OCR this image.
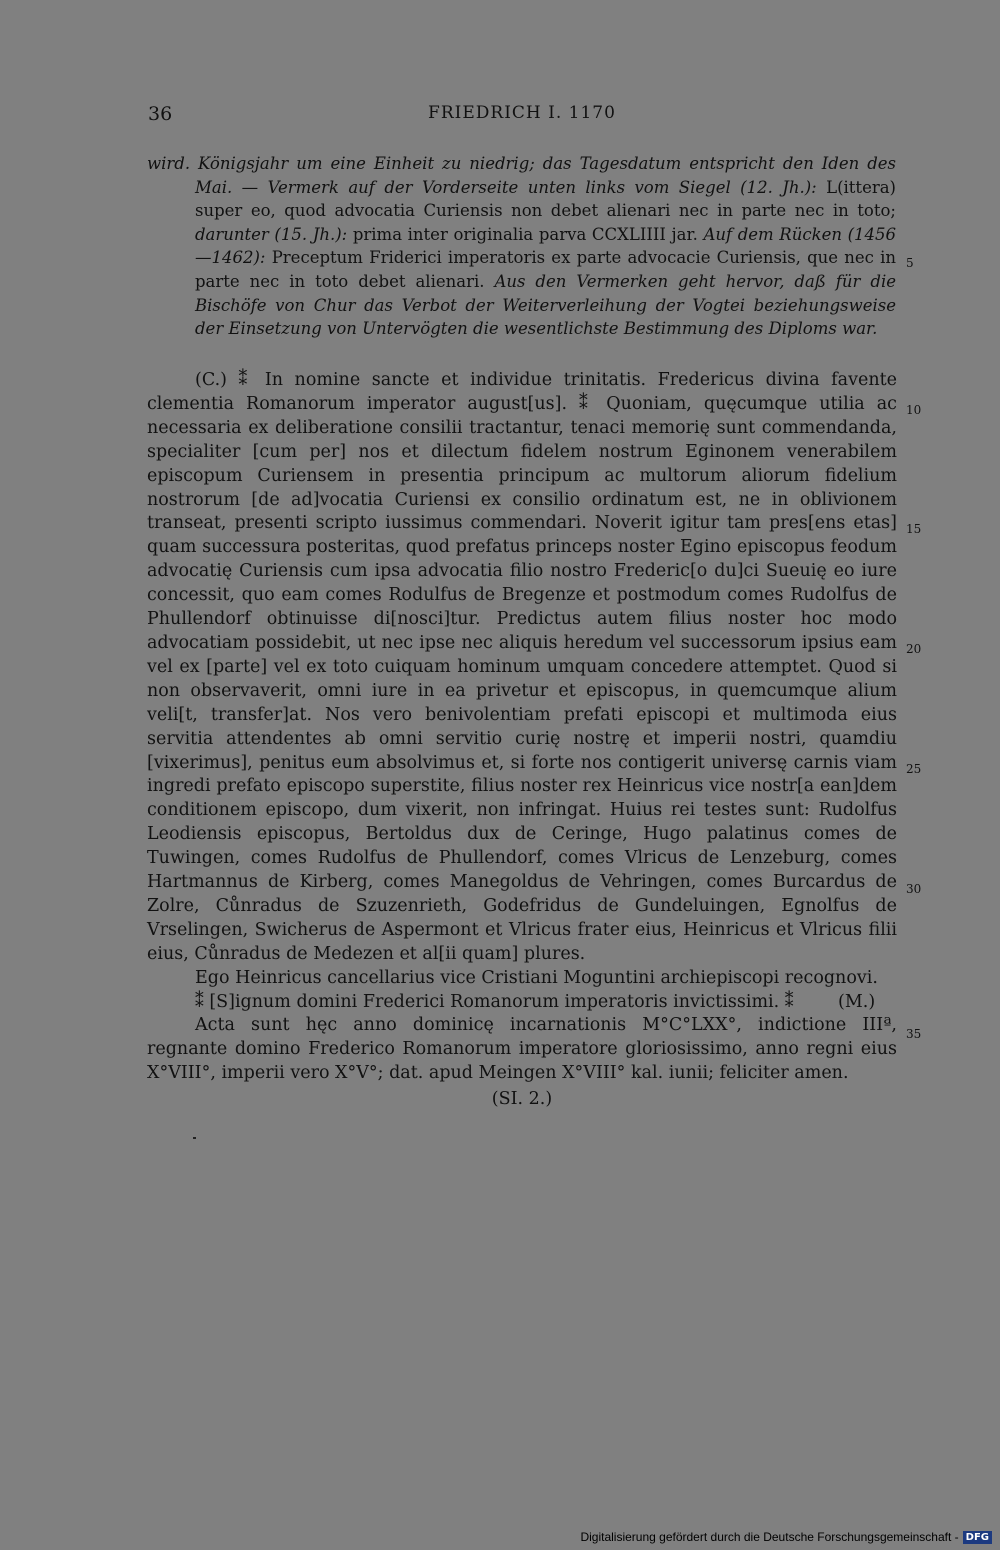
36	FRIEDRICH I. 1170

wird. Königsjahr um eine Einheit zu niedrig; das Tagesdatum entspricht den Iden des Mai. — Vermerk auf der Vorderseite unten links vom Siegel (12. Jh.): L(ittera) super eo, quod advocatia Curiensis non debet alienari nec in parte nec in toto; darunter (15. Jh.): prima inter originalia parva CCXLIIII jar. Auf dem Rücken (1456—1462): Preceptum Friderici imperatoris ex parte advocacie Curiensis, que nec in parte nec in toto debet alienari. Aus den Vermerken geht hervor, daß für die Bischöfe von Chur das Verbot der Weiterverleihung der Vogtei beziehungsweise der Einsetzung von Untervögten die wesentlichste Bestimmung des Diploms war.

(C.) ⁑ In nomine sancte et individue trinitatis. Fredericus divina favente clementia Romanorum imperator august[us]. ⁑ Quoniam, quęcumque utilia ac necessaria ex deliberatione consilii tractantur, tenaci memorię sunt commendanda, specialiter [cum per] nos et dilectum fidelem nostrum Eginonem venerabilem episcopum Curiensem in presentia principum ac multorum aliorum fidelium nostrorum [de ad]vocatia Curiensi ex consilio ordinatum est, ne in oblivionem transeat, presenti scripto iussimus commendari. Noverit igitur tam pres[ens etas] quam successura posteritas, quod prefatus princeps noster Egino episcopus feodum advocatię Curiensis cum ipsa advocatia filio nostro Frederic[o du]ci Sueuię eo iure concessit, quo eam comes Rodulfus de Bregenze et postmodum comes Rudolfus de Phullendorf obtinuisse di[nosci]tur. Predictus autem filius noster hoc modo advocatiam possidebit, ut nec ipse nec aliquis heredum vel successorum ipsius eam vel ex [parte] vel ex toto cuiquam hominum umquam concedere attemptet. Quod si non observaverit, omni iure in ea privetur et episcopus, in quemcumque alium veli[t, transfer]at. Nos vero benivolentiam prefati episcopi et multimoda eius servitia attendentes ab omni servitio curię nostrę et imperii nostri, quamdiu [vixerimus], penitus eum absolvimus et, si forte nos contigerit universę carnis viam ingredi prefato episcopo superstite, filius noster rex Heinricus vice nostr[a ean]dem conditionem episcopo, dum vixerit, non infringat. Huius rei testes sunt: Rudolfus Leodiensis episcopus, Bertoldus dux de Ceringe, Hugo palatinus comes de Tuwingen, comes Rudolfus de Phullendorf, comes Vlricus de Lenzeburg, comes Hartmannus de Kirberg, comes Manegoldus de Vehringen, comes Burcardus de Zolre, Cůnradus de Szuzenrieth, Godefridus de Gundeluingen, Egnolfus de Vrselingen, Swicherus de Aspermont et Vlricus frater eius, Heinricus et Vlricus filii eius, Cůnradus de Medezen et al[ii quam] plures.

Ego Heinricus cancellarius vice Cristiani Moguntini archiepiscopi recognovi.

⁑ [S]ignum domini Frederici Romanorum imperatoris invictissimi. ⁑        (M.)

Acta sunt hęc anno dominicę incarnationis M°C°LXX°, indictione IIIª, regnante domino Frederico Romanorum imperatore gloriosissimo, anno regni eius X°VIII°, imperii vero X°V°; dat. apud Meingen X°VIII° kal. iunii; feliciter amen.

(SI. 2.)

5
10
15
20
25
30
35
Digitalisierung gefördert durch die Deutsche Forschungsgemeinschaft - DFG
